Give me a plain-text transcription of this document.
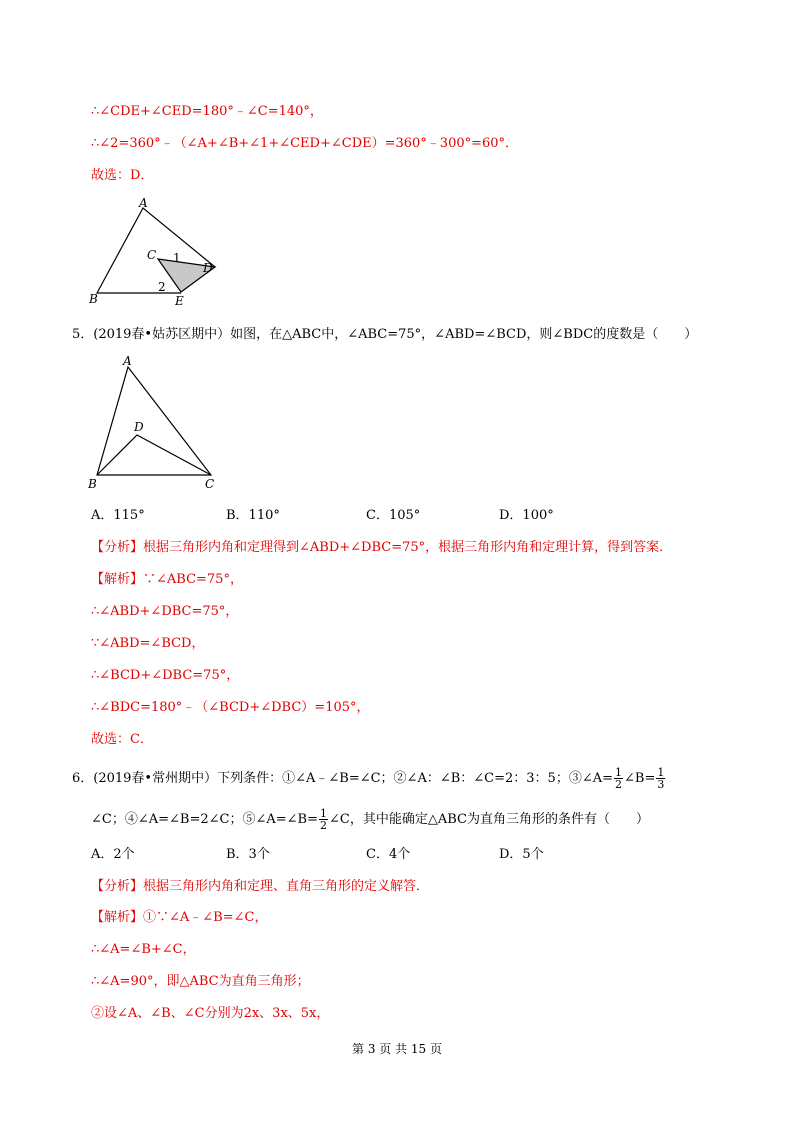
∴∠CDE+∠CED=180°﹣∠C=140°，
∴∠2=360°﹣（∠A+∠B+∠1+∠CED+∠CDE）=360°﹣300°=60°．
故选：D．
A
B
C
D
E
1
2
5．(2019春•姑苏区期中）如图，在△ABC中，∠ABC=75°，∠ABD=∠BCD，则∠BDC的度数是（　　）
A
B	C
D
A．115°	B．110°	C．105°	D．100°
【分析】根据三角形内角和定理得到∠ABD+∠DBC=75°，根据三角形内角和定理计算，得到答案．
【解析】∵∠ABC=75°，
∴∠ABD+∠DBC=75°，
∵∠ABD=∠BCD，
∴∠BCD+∠DBC=75°，
∴∠BDC=180°﹣（∠BCD+∠DBC）=105°，
故选：C．
6．(2019春•常州期中）下列条件：①∠A﹣∠B=∠C；②∠A：∠B：∠C=2：3：5；③∠A= $\frac{1}{2}$ ∠B= $\frac{1}{3}$
∠C；④∠A=∠B=2∠C；⑤∠A=∠B= $\frac{1}{2}$ ∠C，其中能确定△ABC为直角三角形的条件有（　　）
A．2个	B．3个	C．4个	D．5个
【分析】根据三角形内角和定理、直角三角形的定义解答．
【解析】①∵∠A﹣∠B=∠C，
∴∠A=∠B+∠C，
∴∠A=90°，即△ABC为直角三角形；
②设∠A、∠B、∠C分别为2x、3x、5x，
第 3 页 共 15 页
